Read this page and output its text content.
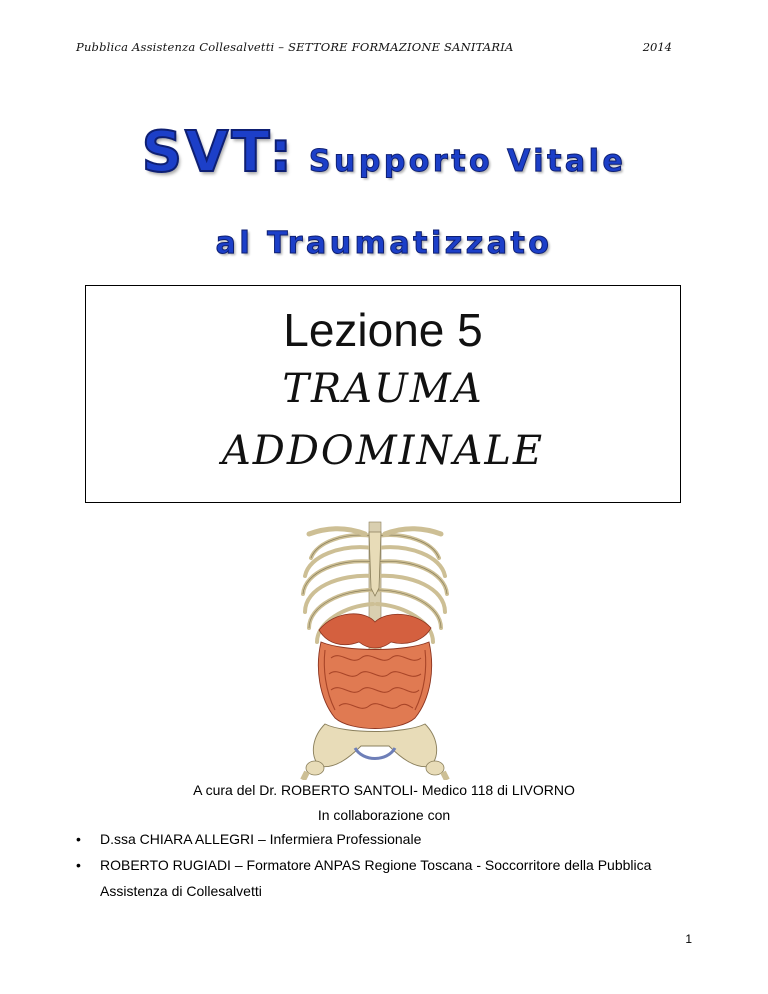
Pubblica Assistenza Collesalvetti – SETTORE FORMAZIONE SANITARIA	2014
SVT: Supporto Vitale
al Traumatizzato
Lezione 5
TRAUMA
ADDOMINALE
A cura del Dr. ROBERTO SANTOLI- Medico 118 di LIVORNO
In collaborazione con
• D.ssa CHIARA ALLEGRI – Infermiera Professionale
• ROBERTO RUGIADI – Formatore ANPAS Regione Toscana - Soccorritore della Pubblica Assistenza di Collesalvetti
1
